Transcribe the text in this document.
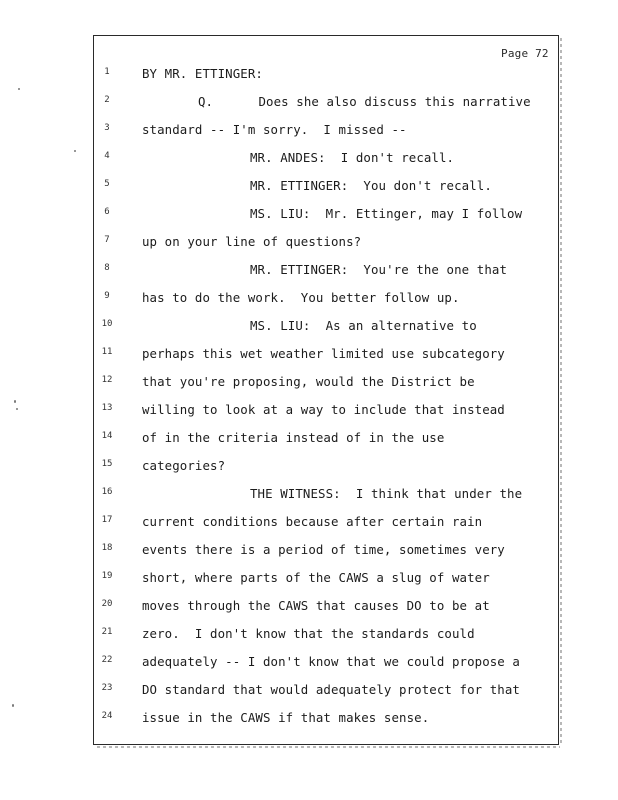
Page 72
1	BY MR. ETTINGER:
2	Q.      Does she also discuss this narrative
3	standard -- I'm sorry.  I missed --
4	MR. ANDES:  I don't recall.
5	MR. ETTINGER:  You don't recall.
6	MS. LIU:  Mr. Ettinger, may I follow
7	up on your line of questions?
8	MR. ETTINGER:  You're the one that
9	has to do the work.  You better follow up.
10	MS. LIU:  As an alternative to
11	perhaps this wet weather limited use subcategory
12	that you're proposing, would the District be
13	willing to look at a way to include that instead
14	of in the criteria instead of in the use
15	categories?
16	THE WITNESS:  I think that under the
17	current conditions because after certain rain
18	events there is a period of time, sometimes very
19	short, where parts of the CAWS a slug of water
20	moves through the CAWS that causes DO to be at
21	zero.  I don't know that the standards could
22	adequately -- I don't know that we could propose a
23	DO standard that would adequately protect for that
24	issue in the CAWS if that makes sense.
